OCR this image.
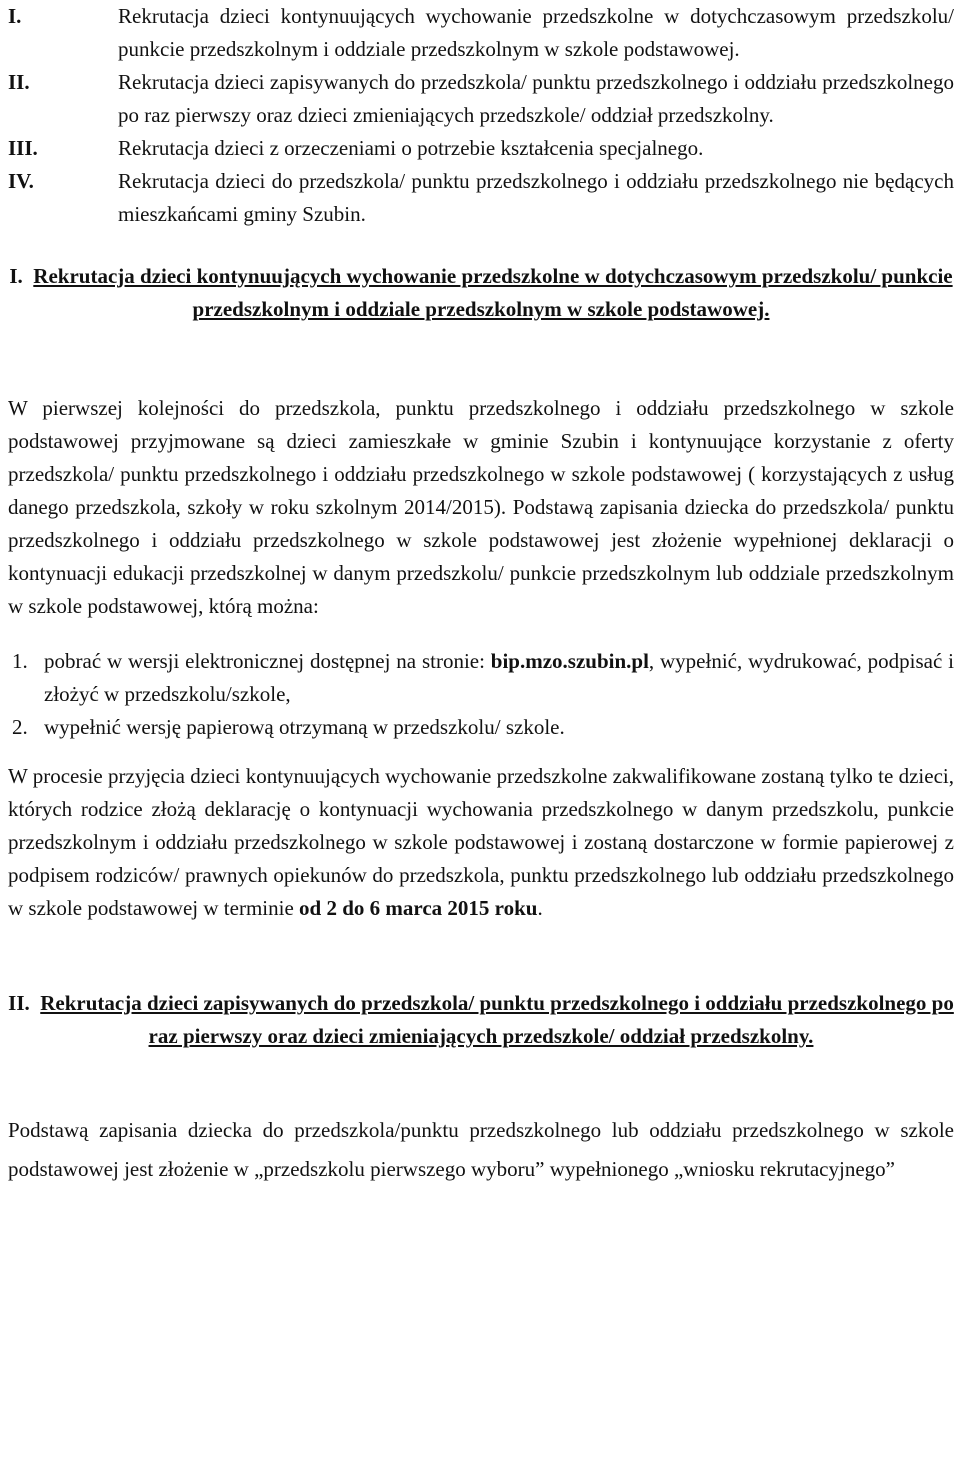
I.	Rekrutacja dzieci kontynuujących wychowanie przedszkolne w dotychczasowym przedszkolu/ punkcie przedszkolnym i oddziale przedszkolnym w szkole podstawowej.
II.	Rekrutacja dzieci zapisywanych do przedszkola/ punktu przedszkolnego i oddziału przedszkolnego po raz pierwszy oraz dzieci zmieniających przedszkole/ oddział przedszkolny.
III.	Rekrutacja dzieci z orzeczeniami o potrzebie kształcenia specjalnego.
IV.	Rekrutacja dzieci do przedszkola/ punktu przedszkolnego i oddziału przedszkolnego nie będących mieszkańcami gminy Szubin.
I. Rekrutacja dzieci kontynuujących wychowanie przedszkolne w dotychczasowym przedszkolu/ punkcie przedszkolnym i oddziale przedszkolnym w szkole podstawowej.

W pierwszej kolejności do przedszkola, punktu przedszkolnego i oddziału przedszkolnego w szkole podstawowej przyjmowane są dzieci zamieszkałe w gminie Szubin i kontynuujące korzystanie z oferty przedszkola/ punktu przedszkolnego i oddziału przedszkolnego w szkole podstawowej ( korzystających z usług danego przedszkola, szkoły w roku szkolnym 2014/2015). Podstawą zapisania dziecka do przedszkola/ punktu przedszkolnego i oddziału przedszkolnego w szkole podstawowej jest złożenie wypełnionej deklaracji o kontynuacji edukacji przedszkolnej w danym przedszkolu/ punkcie przedszkolnym lub oddziale przedszkolnym w szkole podstawowej, którą można:

1. pobrać w wersji elektronicznej dostępnej na stronie: bip.mzo.szubin.pl, wypełnić, wydrukować, podpisać i złożyć w przedszkolu/szkole,
2. wypełnić wersję papierową otrzymaną w przedszkolu/ szkole.

W procesie przyjęcia dzieci kontynuujących wychowanie przedszkolne zakwalifikowane zostaną tylko te dzieci, których rodzice złożą deklarację o kontynuacji wychowania przedszkolnego w danym przedszkolu, punkcie przedszkolnym i oddziału przedszkolnego w szkole podstawowej i zostaną dostarczone w formie papierowej z podpisem rodziców/ prawnych opiekunów do przedszkola, punktu przedszkolnego lub oddziału przedszkolnego w szkole podstawowej w terminie od 2 do 6 marca 2015 roku.

II. Rekrutacja dzieci zapisywanych do przedszkola/ punktu przedszkolnego i oddziału przedszkolnego po raz pierwszy oraz dzieci zmieniających przedszkole/ oddział przedszkolny.

Podstawą zapisania dziecka do przedszkola/punktu przedszkolnego lub oddziału przedszkolnego w szkole podstawowej jest złożenie w „przedszkolu pierwszego wyboru” wypełnionego „wniosku rekrutacyjnego”
